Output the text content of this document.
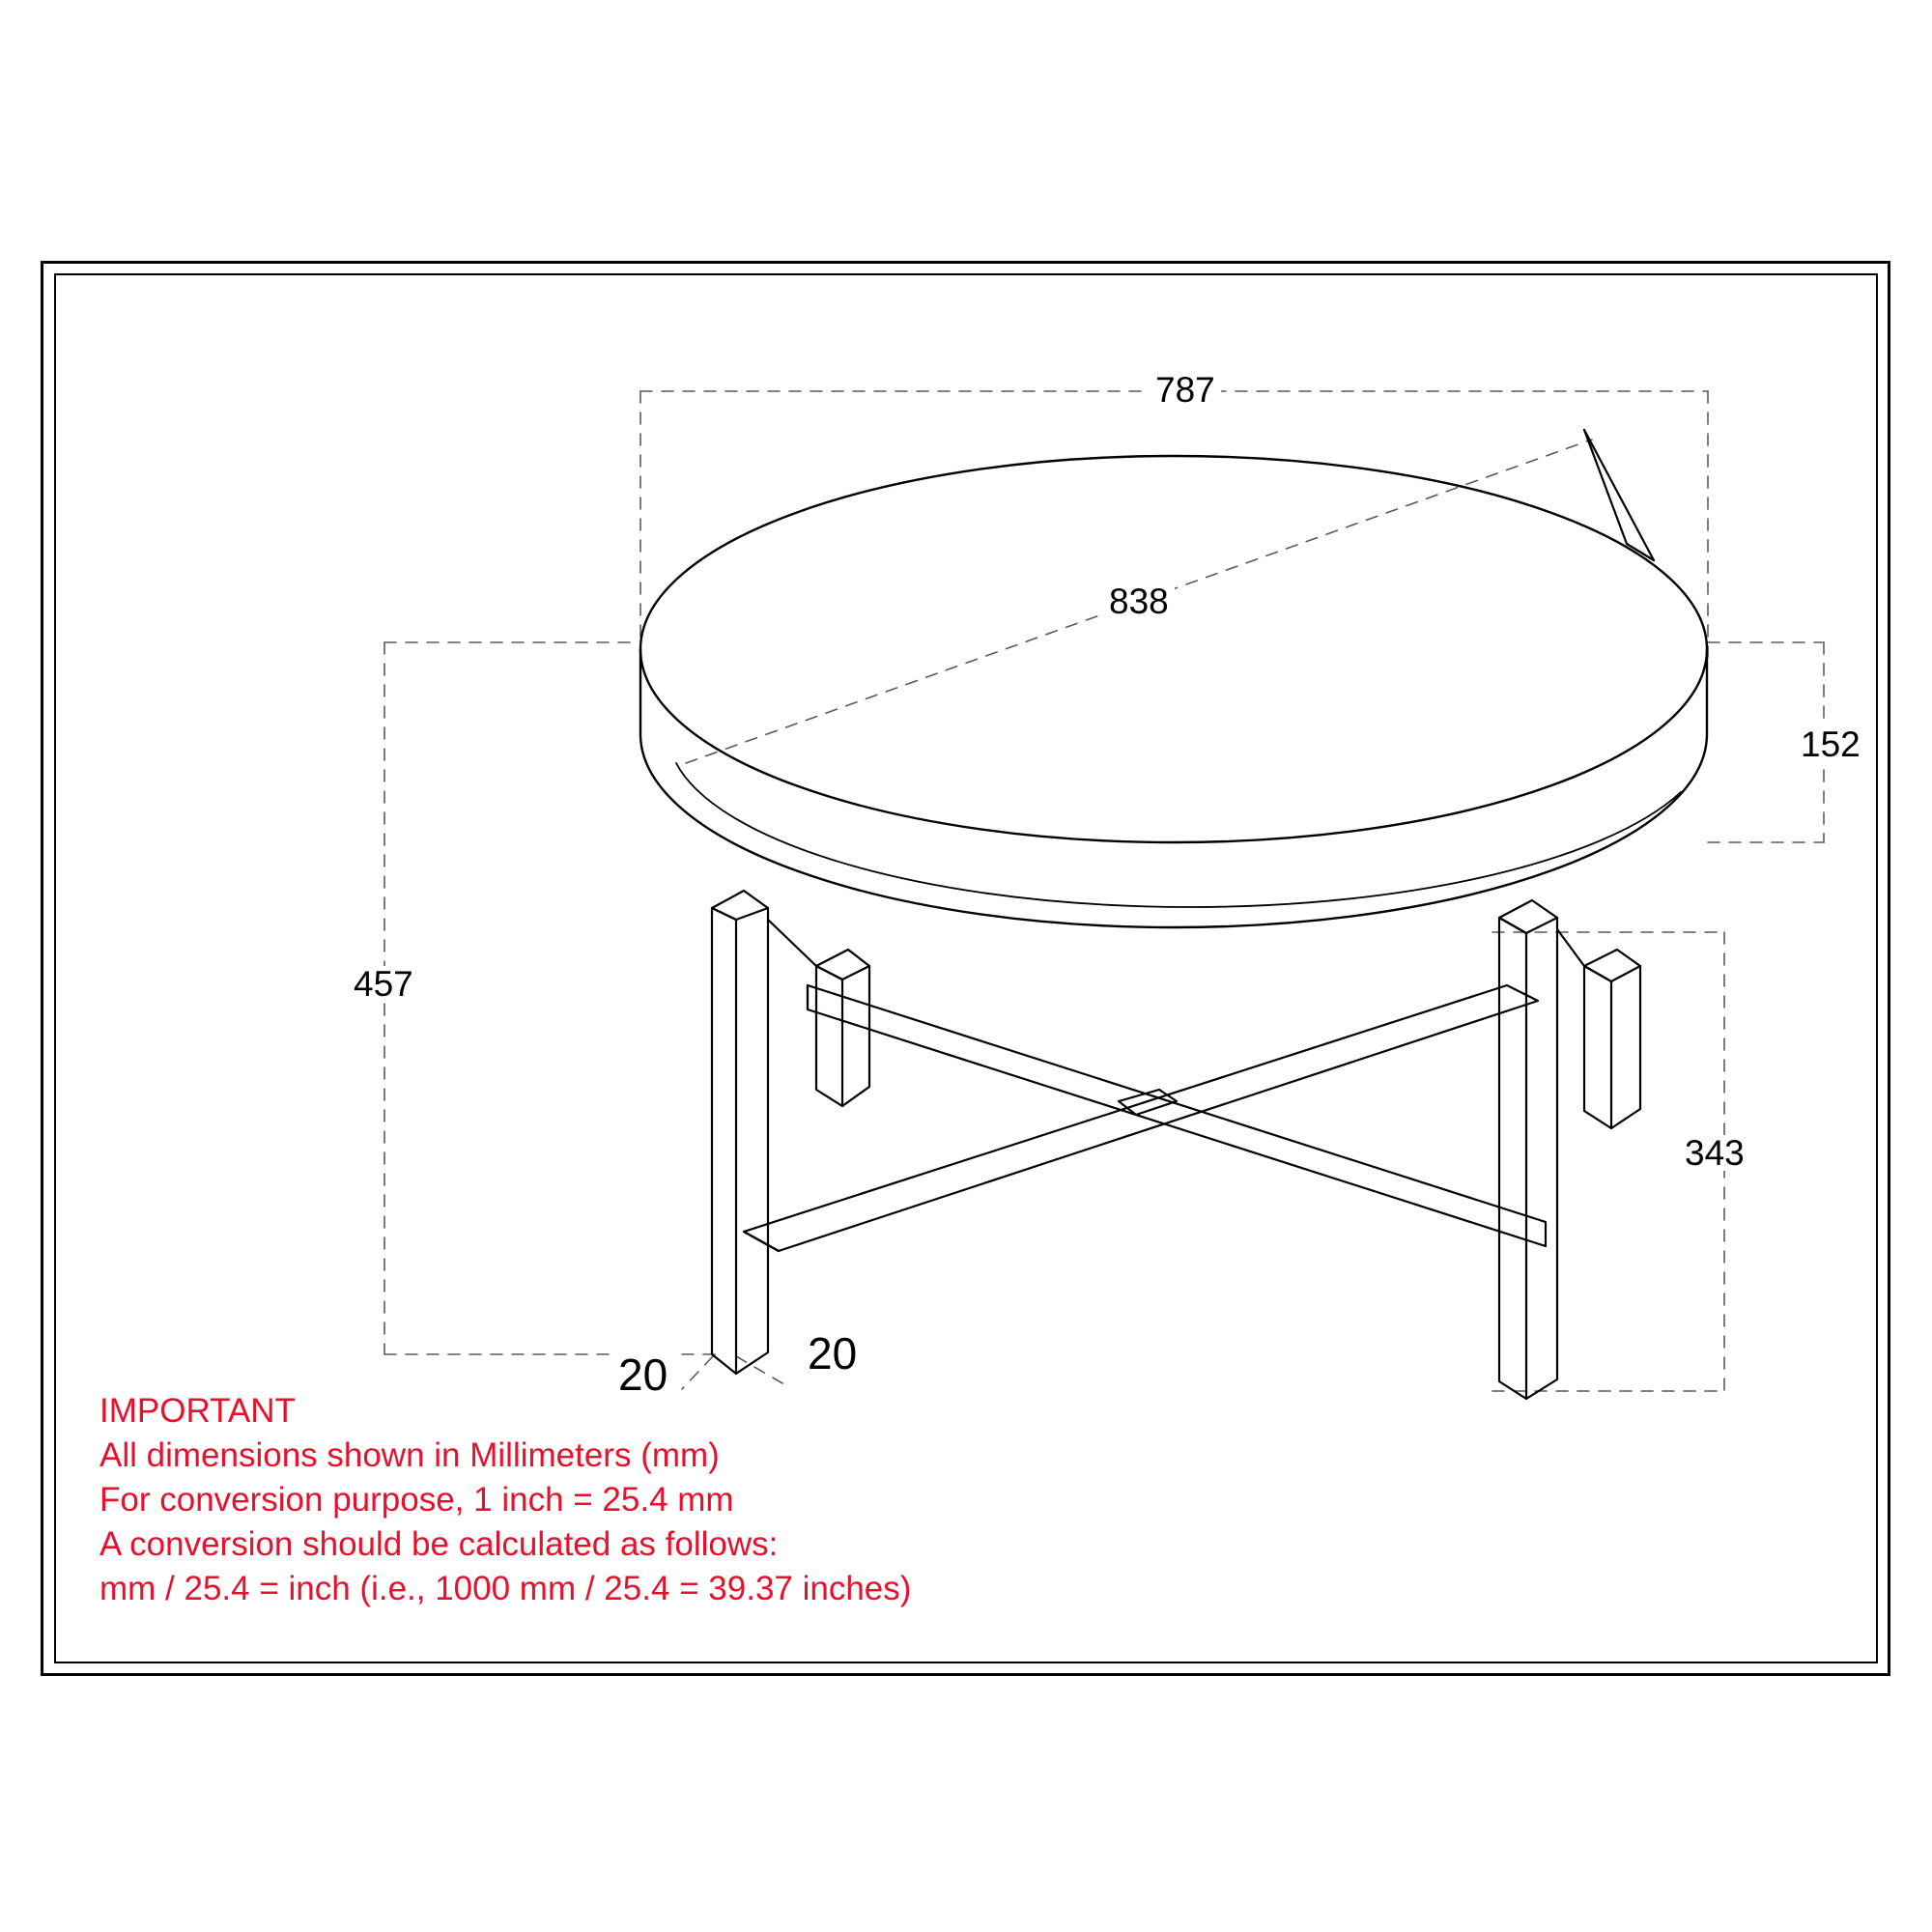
787
838
152
457
343
20	20
IMPORTANT
All dimensions shown in Millimeters (mm)
For conversion purpose, 1 inch = 25.4 mm
A conversion should be calculated as follows:
mm / 25.4 = inch (i.e., 1000 mm / 25.4 = 39.37 inches)
